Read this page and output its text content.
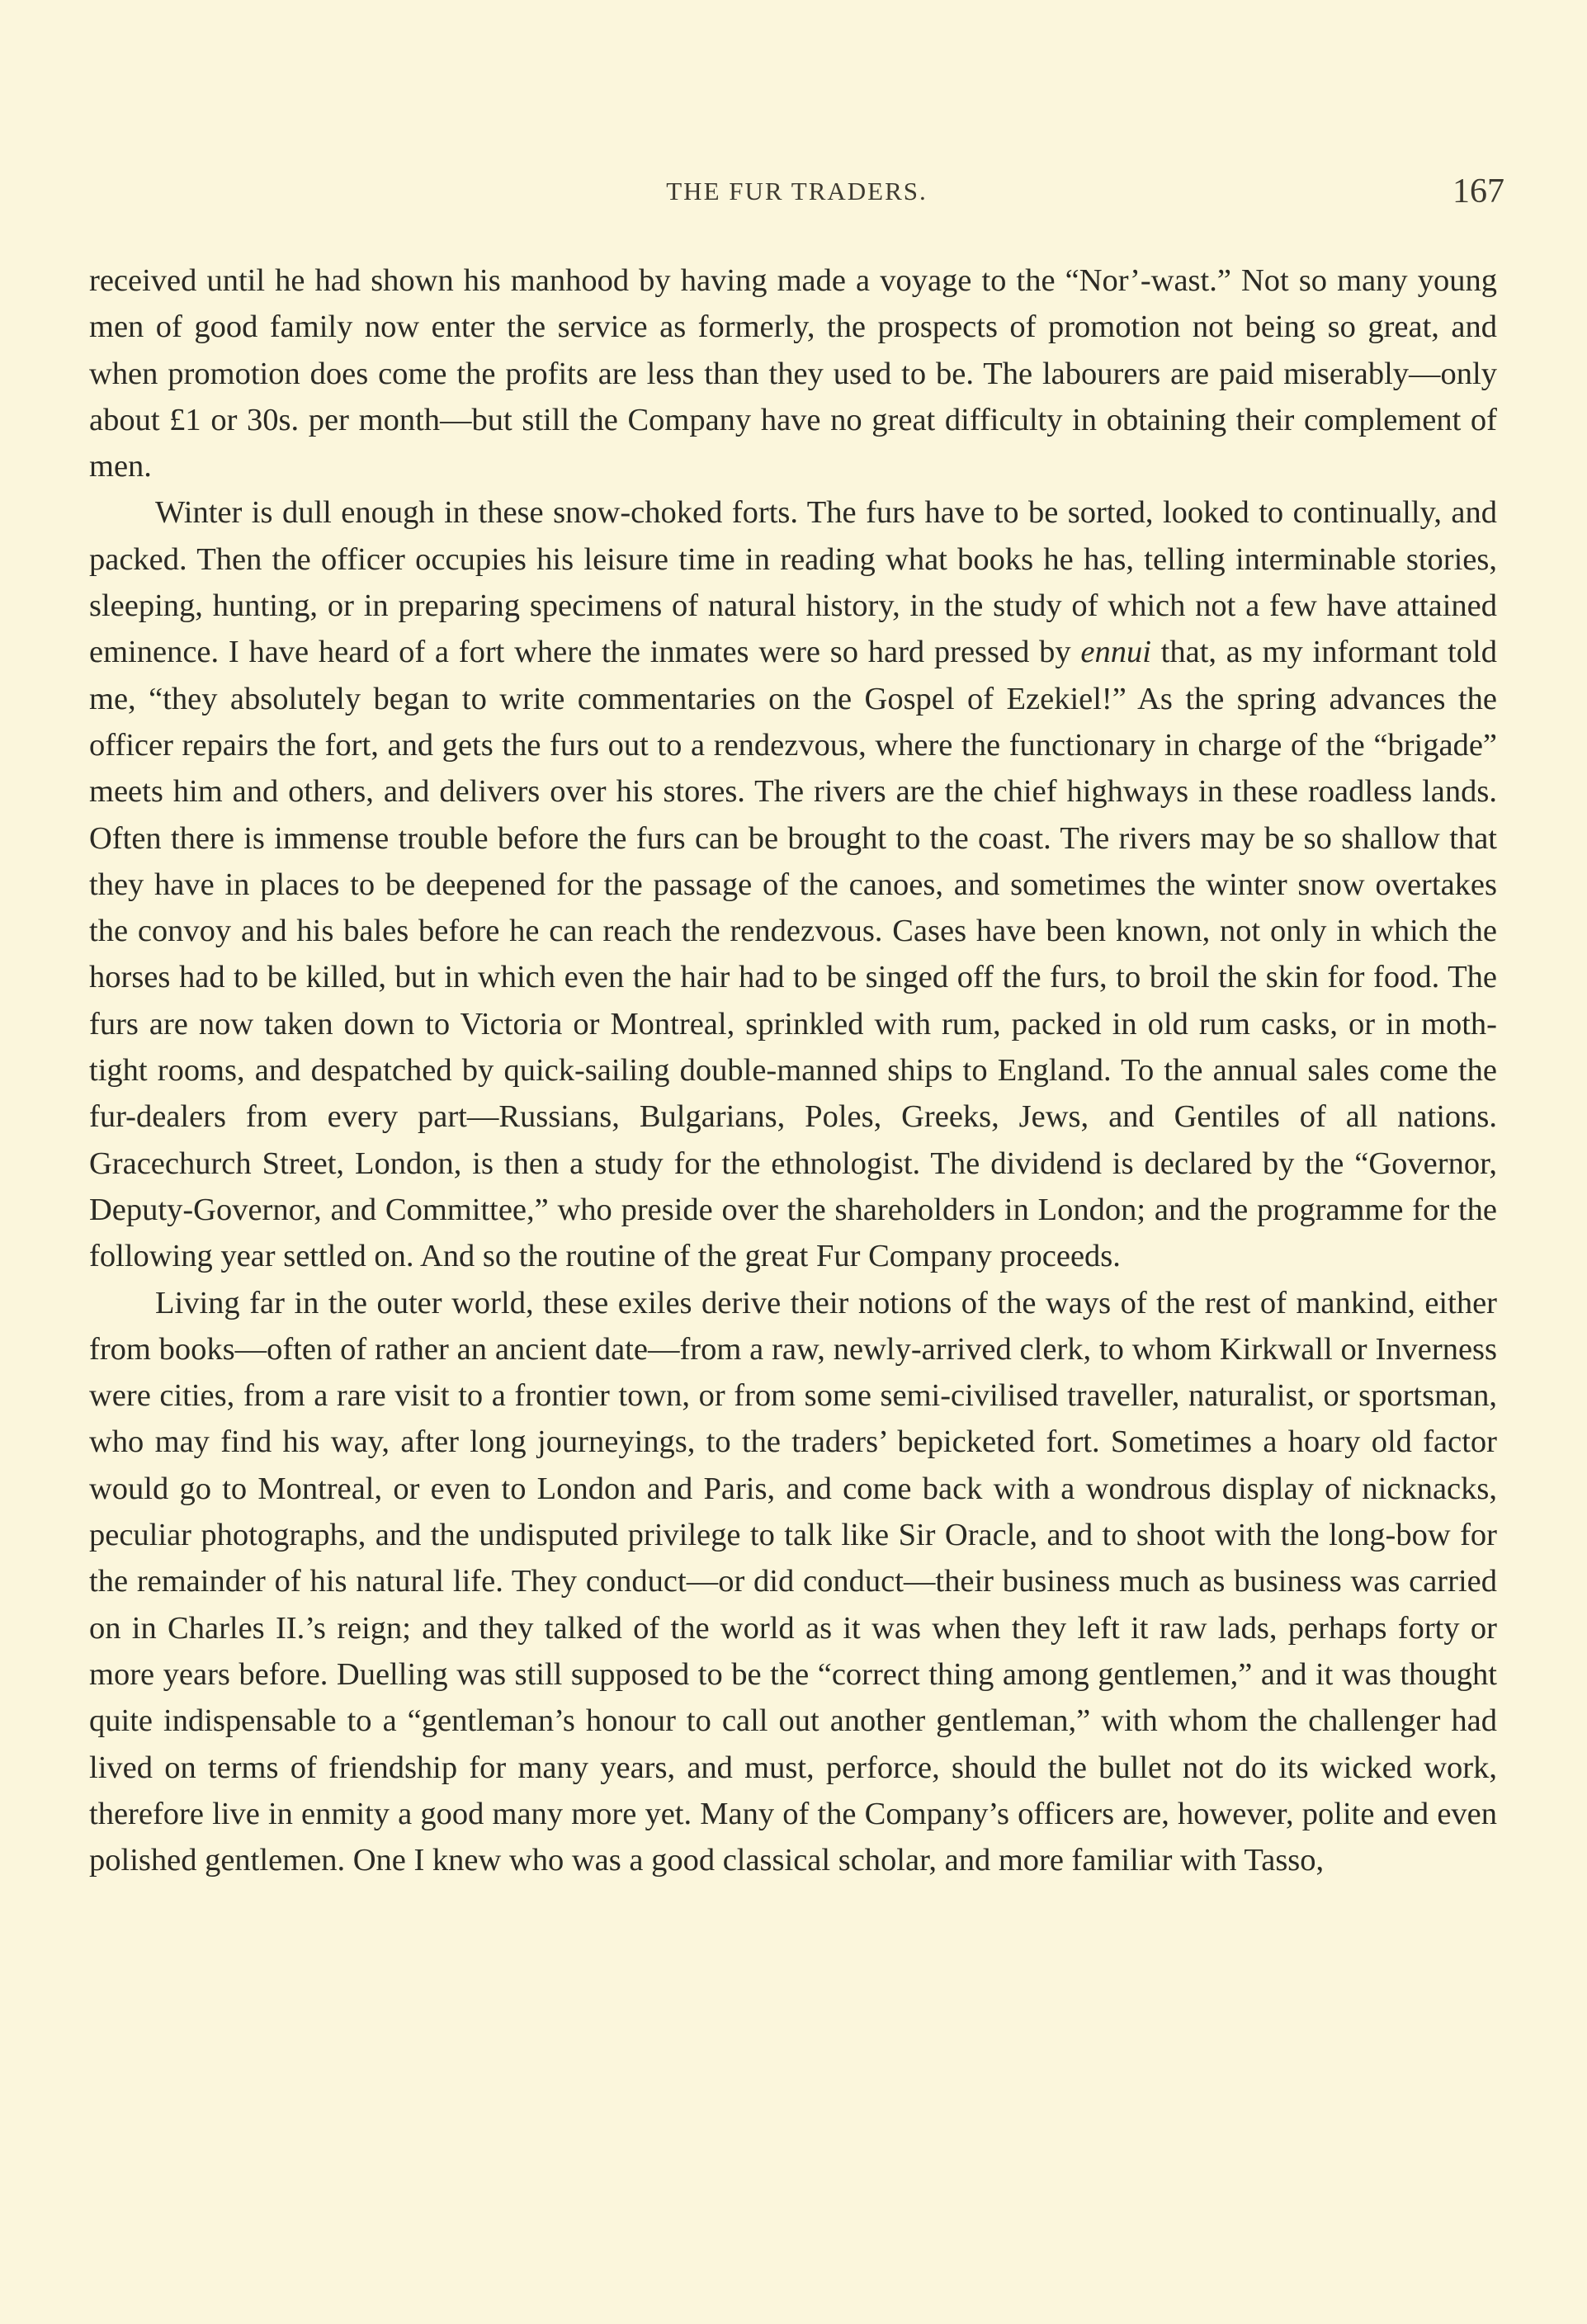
THE FUR TRADERS.	167

received until he had shown his manhood by having made a voyage to the “Nor’-wast.” Not so many young men of good family now enter the service as formerly, the prospects of promotion not being so great, and when promotion does come the profits are less than they used to be. The labourers are paid miserably—only about £1 or 30s. per month—but still the Company have no great difficulty in obtaining their complement of men.

Winter is dull enough in these snow-choked forts. The furs have to be sorted, looked to continually, and packed. Then the officer occupies his leisure time in reading what books he has, telling interminable stories, sleeping, hunting, or in preparing specimens of natural history, in the study of which not a few have attained eminence. I have heard of a fort where the inmates were so hard pressed by ennui that, as my informant told me, “they absolutely began to write commentaries on the Gospel of Ezekiel!” As the spring advances the officer repairs the fort, and gets the furs out to a rendezvous, where the functionary in charge of the “brigade” meets him and others, and delivers over his stores. The rivers are the chief highways in these roadless lands. Often there is immense trouble before the furs can be brought to the coast. The rivers may be so shallow that they have in places to be deepened for the passage of the canoes, and sometimes the winter snow overtakes the convoy and his bales before he can reach the rendezvous. Cases have been known, not only in which the horses had to be killed, but in which even the hair had to be singed off the furs, to broil the skin for food. The furs are now taken down to Victoria or Montreal, sprinkled with rum, packed in old rum casks, or in moth-tight rooms, and despatched by quick-sailing double-manned ships to England. To the annual sales come the fur-dealers from every part—Russians, Bulgarians, Poles, Greeks, Jews, and Gentiles of all nations. Gracechurch Street, London, is then a study for the ethnologist. The dividend is declared by the “Governor, Deputy-Governor, and Committee,” who preside over the shareholders in London; and the programme for the following year settled on. And so the routine of the great Fur Company proceeds.

Living far in the outer world, these exiles derive their notions of the ways of the rest of mankind, either from books—often of rather an ancient date—from a raw, newly-arrived clerk, to whom Kirkwall or Inverness were cities, from a rare visit to a frontier town, or from some semi-civilised traveller, naturalist, or sportsman, who may find his way, after long journeyings, to the traders’ bepicketed fort. Sometimes a hoary old factor would go to Montreal, or even to London and Paris, and come back with a wondrous display of nicknacks, peculiar photographs, and the undisputed privilege to talk like Sir Oracle, and to shoot with the long-bow for the remainder of his natural life. They conduct—or did conduct—their business much as business was carried on in Charles II.’s reign; and they talked of the world as it was when they left it raw lads, perhaps forty or more years before. Duelling was still supposed to be the “correct thing among gentlemen,” and it was thought quite indispensable to a “gentleman’s honour to call out another gentleman,” with whom the challenger had lived on terms of friendship for many years, and must, perforce, should the bullet not do its wicked work, therefore live in enmity a good many more yet. Many of the Company’s officers are, however, polite and even polished gentlemen. One I knew who was a good classical scholar, and more familiar with Tasso,
